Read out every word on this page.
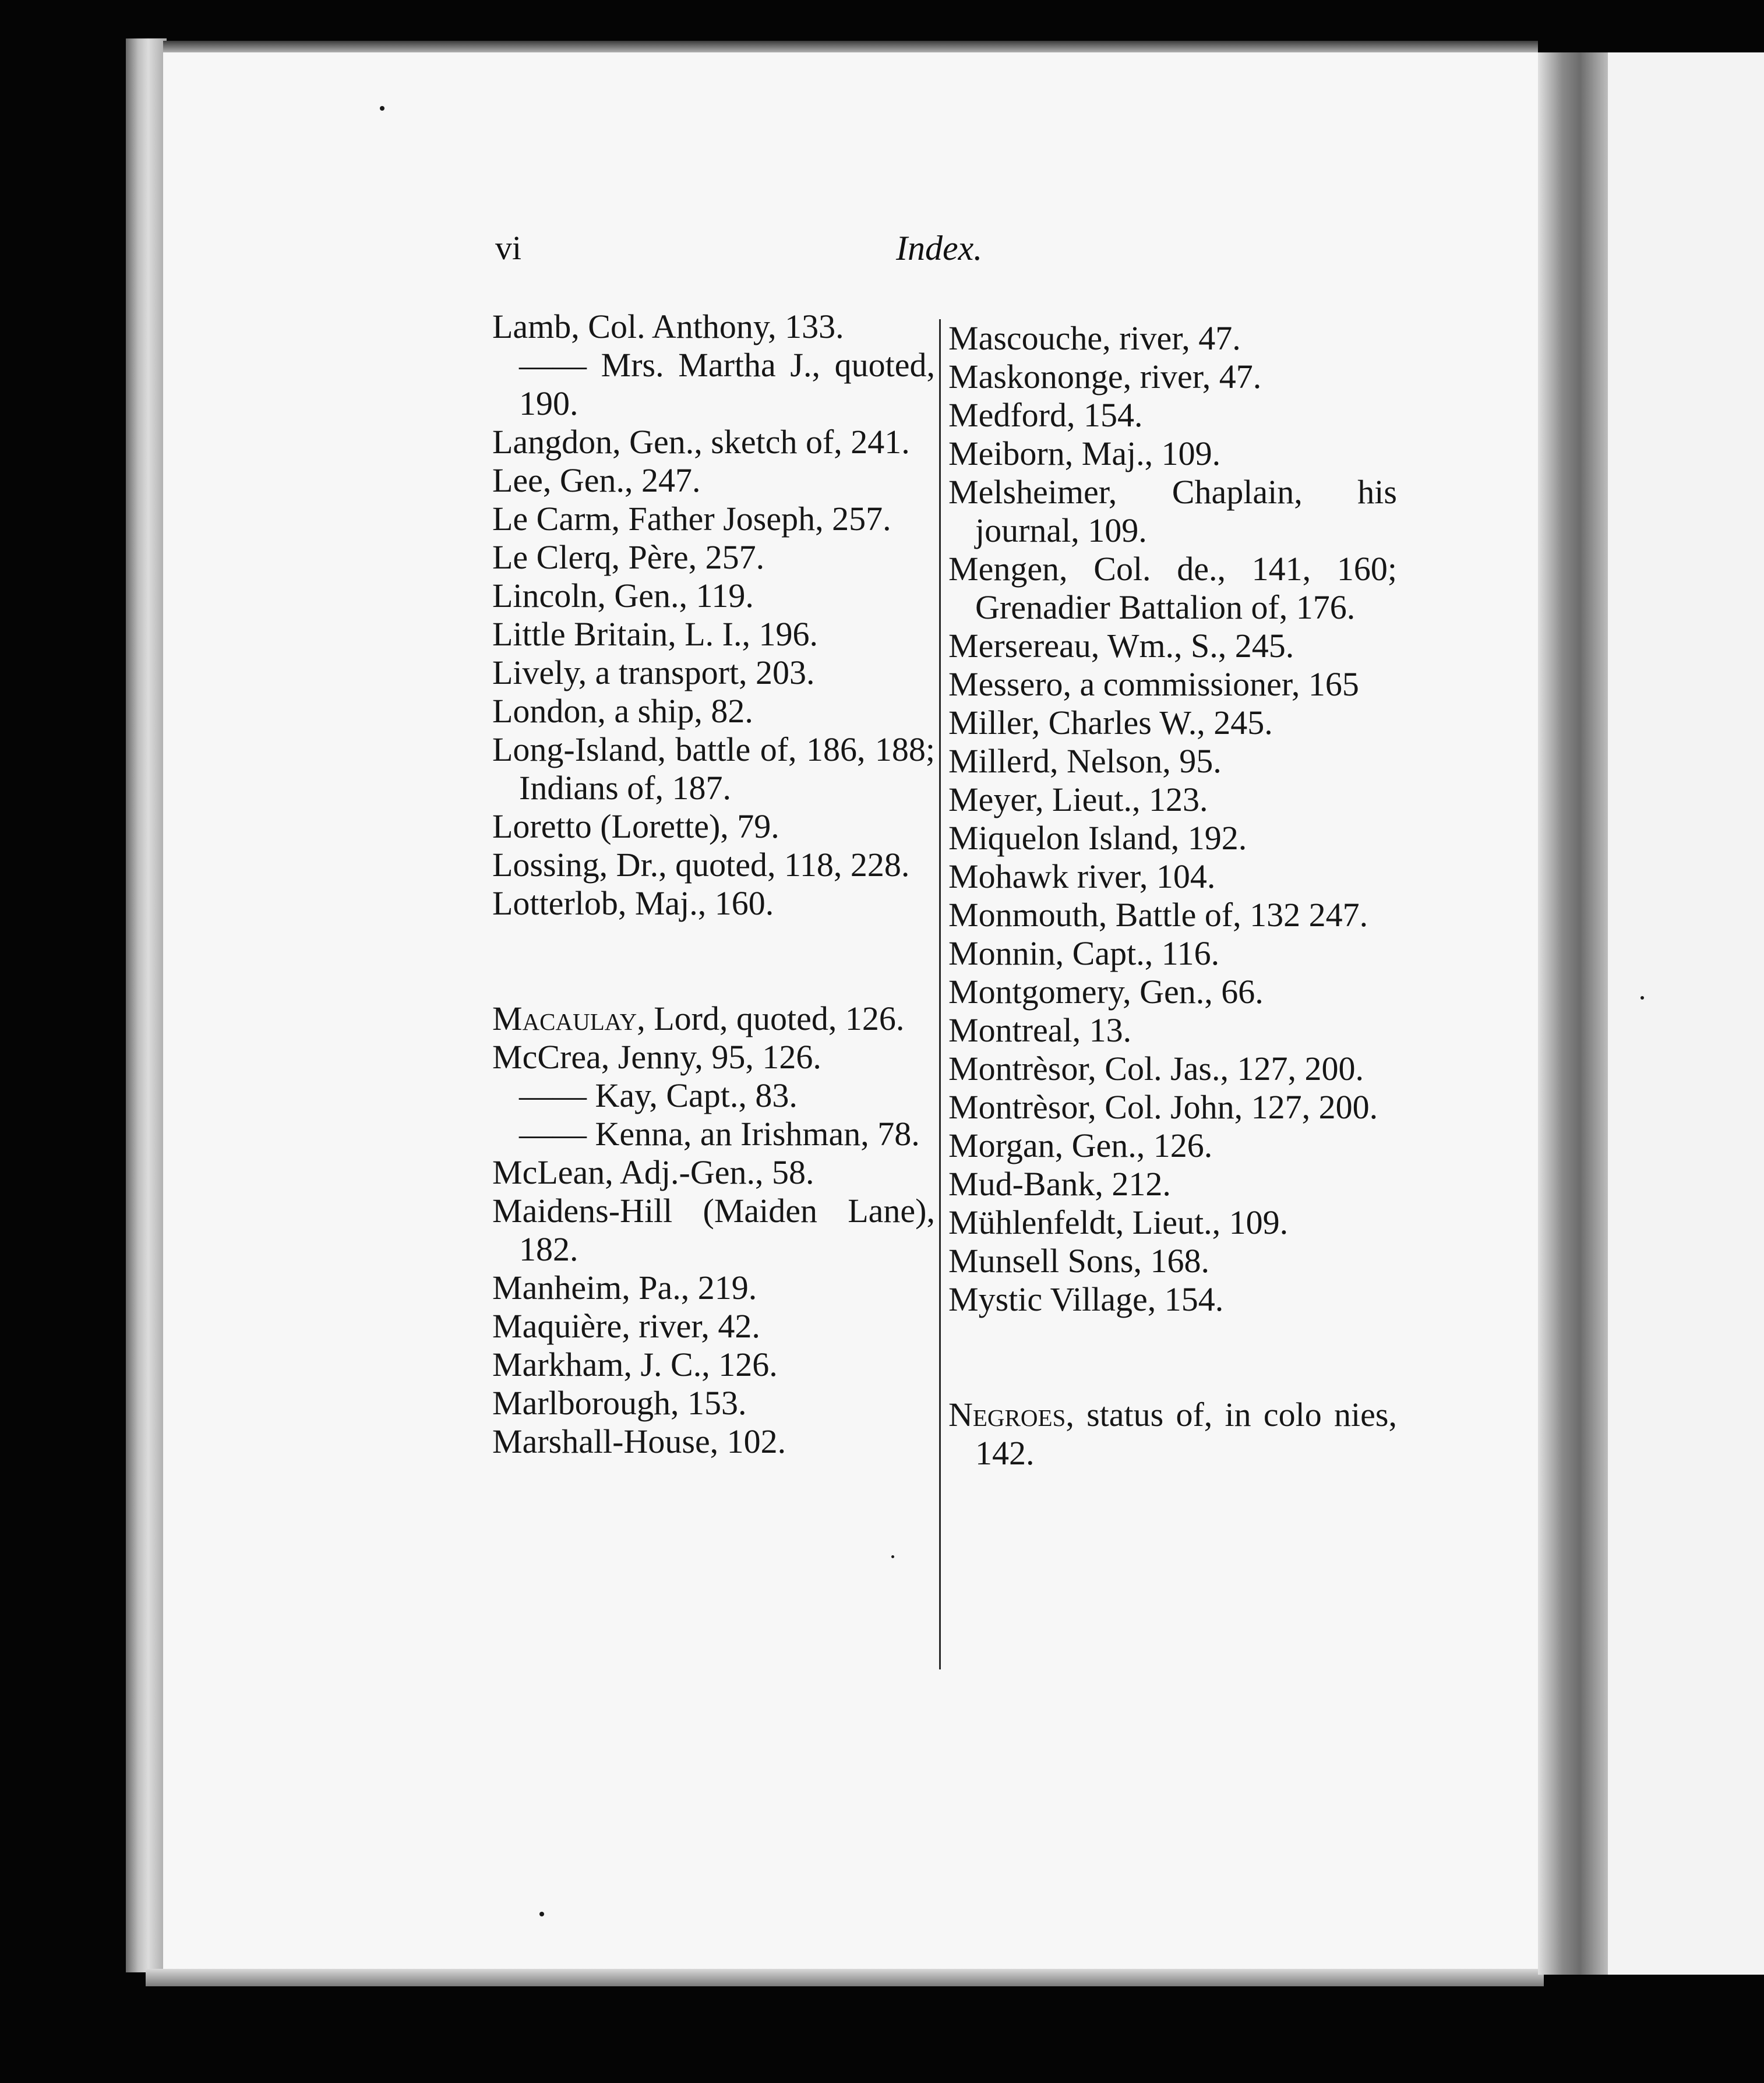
vi	Index.
Lamb, Col. Anthony, 133.
—— Mrs. Martha J., quoted, 190.
Langdon, Gen., sketch of, 241.
Lee, Gen., 247.
Le Carm, Father Joseph, 257.
Le Clerq, Père, 257.
Lincoln, Gen., 119.
Little Britain, L. I., 196.
Lively, a transport, 203.
London, a ship, 82.
Long-Island, battle of, 186, 188; Indians of, 187.
Loretto (Lorette), 79.
Lossing, Dr., quoted, 118, 228.
Lotterlob, Maj., 160.
Macaulay, Lord, quoted, 126.
McCrea, Jenny, 95, 126.
—— Kay, Capt., 83.
—— Kenna, an Irishman, 78.
McLean, Adj.-Gen., 58.
Maidens-Hill (Maiden Lane), 182.
Manheim, Pa., 219.
Maquière, river, 42.
Markham, J. C., 126.
Marlborough, 153.
Marshall-House, 102.
Mascouche, river, 47.
Maskononge, river, 47.
Medford, 154.
Meiborn, Maj., 109.
Melsheimer, Chaplain, his journal, 109.
Mengen, Col. de., 141, 160; Grenadier Battalion of, 176.
Mersereau, Wm., S., 245.
Messero, a commissioner, 165
Miller, Charles W., 245.
Millerd, Nelson, 95.
Meyer, Lieut., 123.
Miquelon Island, 192.
Mohawk river, 104.
Monmouth, Battle of, 132 247.
Monnin, Capt., 116.
Montgomery, Gen., 66.
Montreal, 13.
Montrèsor, Col. Jas., 127, 200.
Montrèsor, Col. John, 127, 200.
Morgan, Gen., 126.
Mud-Bank, 212.
Mühlenfeldt, Lieut., 109.
Munsell Sons, 168.
Mystic Village, 154.
Negroes, status of, in colo nies, 142.
